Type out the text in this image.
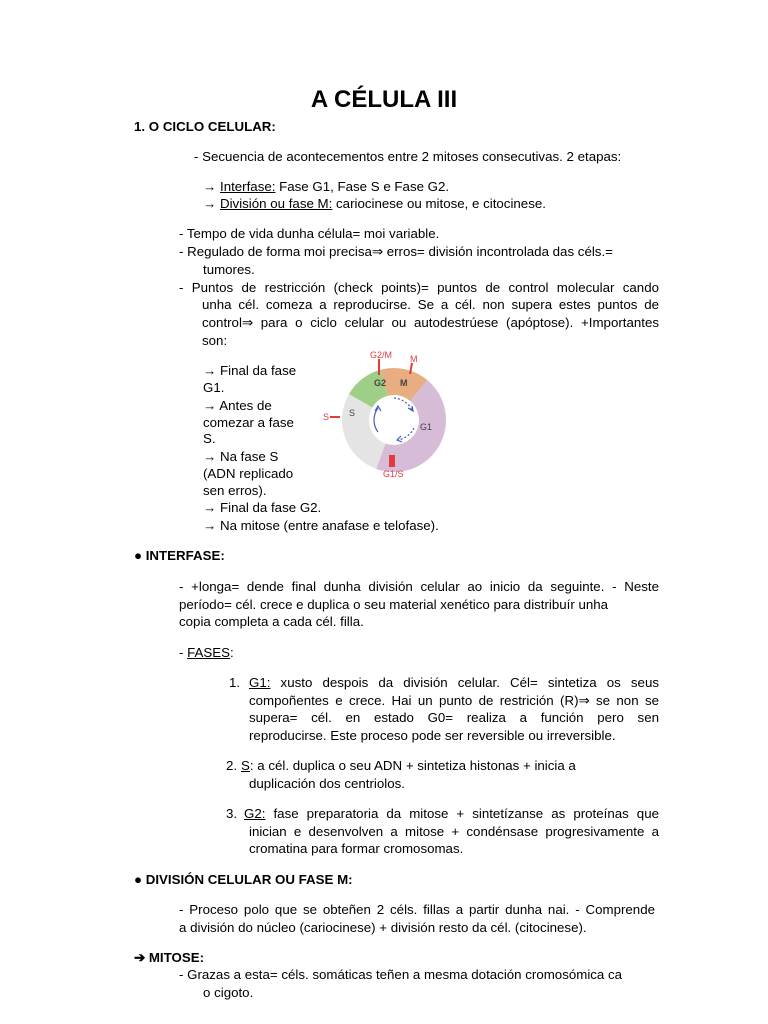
A CÉLULA III
1. O CICLO CELULAR:
- Secuencia de acontecementos entre 2 mitoses consecutivas. 2 etapas:
→ Interfase: Fase G1, Fase S e Fase G2.
→ División ou fase M: cariocinese ou mitose, e citocinese.
- Tempo de vida dunha célula= moi variable.
- Regulado de forma moi precisa⇒ erros= división incontrolada das céls.=
tumores.
- Puntos de restricción (check points)= puntos de control molecular cando
unha cél. comeza a reproducirse. Se a cél. non supera estes puntos de
control⇒ para o ciclo celular ou autodestrúese (apóptose). +Importantes
son:
→ Final da fase
G1.
→ Antes de
comezar a fase
S.
→ Na fase S
(ADN replicado
sen erros).
→ Final da fase G2.
→ Na mitose (entre anafase e telofase).
G2/M M
G2 M
S S
G1
G1/S
● INTERFASE:
- +longa= dende final dunha división celular ao inicio da seguinte. - Neste
período= cél. crece e duplica o seu material xenético para distribuír unha
copia completa a cada cél. filla.
- FASES:
1. G1: xusto despois da división celular. Cél= sintetiza os seus
compoñentes e crece. Hai un punto de restrición (R)⇒ se non se
supera= cél. en estado G0= realiza a función pero sen
reproducirse. Este proceso pode ser reversible ou irreversible.
2. S: a cél. duplica o seu ADN + sintetiza histonas + inicia a
duplicación dos centriolos.
3. G2: fase preparatoria da mitose + sintetízanse as proteínas que
inician e desenvolven a mitose + condénsase progresivamente a
cromatina para formar cromosomas.
● DIVISIÓN CELULAR OU FASE M:
- Proceso polo que se obteñen 2 céls. fillas a partir dunha nai. - Comprende
a división do núcleo (cariocinese) + división resto da cél. (citocinese).
➔ MITOSE:
- Grazas a esta= céls. somáticas teñen a mesma dotación cromosómica ca
o cigoto.
